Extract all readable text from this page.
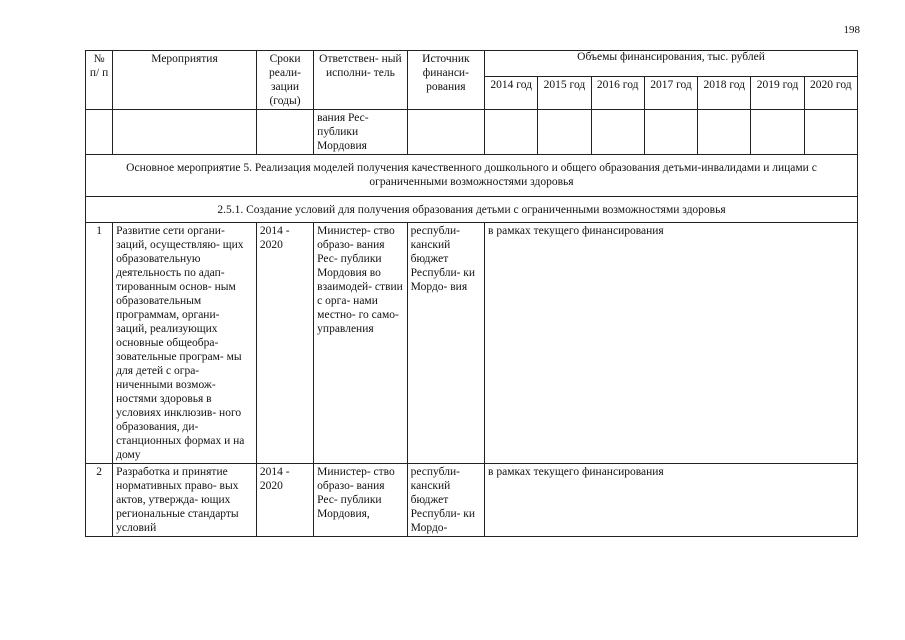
198
№ п/ п	Мероприятия	Сроки реали- зации (годы)	Ответствен- ный исполни- тель	Источник финанси- рования	Объемы финансирования, тыс. рублей						
					2014 год	2015 год	2016 год	2017 год	2018 год	2019 год	2020 год
			вания Рес- публики Мордовия								
Основное мероприятие 5. Реализация моделей получения качественного дошкольного и общего образования детьми-инвалидами и лицами с ограниченными возможностями здоровья											
2.5.1. Создание условий для получения образования детьми с ограниченными возможностями здоровья											
1	Развитие сети органи- заций, осуществляю- щих образовательную деятельность по адап- тированным основ- ным образовательным программам, органи- заций, реализующих основные общеобра- зовательные програм- мы для детей с огра- ниченными возмож- ностями здоровья в условиях инклюзив- ного образования, ди- станционных формах и на дому	2014 - 2020	Министер- ство образо- вания Рес- публики Мордовия во взаимодей- ствии с орга- нами местно- го само- управления	республи- канский бюджет Республи- ки Мордо- вия	в рамках текущего финансирования						
2	Разработка и принятие нормативных право- вых актов, утвержда- ющих региональные стандарты условий	2014 - 2020	Министер- ство образо- вания Рес- публики Мордовия,	республи- канский бюджет Республи- ки Мордо-	в рамках текущего финансирования						
